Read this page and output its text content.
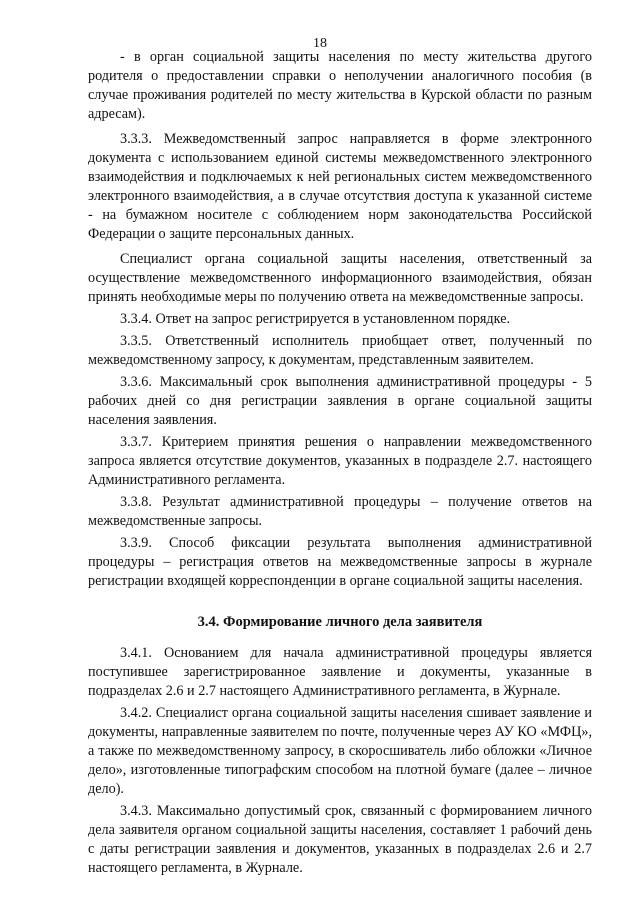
18

- в орган социальной защиты населения по месту жительства другого родителя о предоставлении справки о неполучении аналогичного пособия (в случае проживания родителей по месту жительства в Курской области по разным адресам).

3.3.3. Межведомственный запрос направляется в форме электронного документа с использованием единой системы межведомственного электронного взаимодействия и подключаемых к ней региональных систем межведомственного электронного взаимодействия, а в случае отсутствия доступа к указанной системе - на бумажном носителе с соблюдением норм законодательства Российской Федерации о защите персональных данных.

Специалист органа социальной защиты населения, ответственный за осуществление межведомственного информационного взаимодействия, обязан принять необходимые меры по получению ответа на межведомственные запросы.

3.3.4. Ответ на запрос регистрируется в установленном порядке.

3.3.5. Ответственный исполнитель приобщает ответ, полученный по межведомственному запросу, к документам, представленным заявителем.

3.3.6. Максимальный срок выполнения административной процедуры - 5 рабочих дней со дня регистрации заявления в органе социальной защиты населения заявления.

3.3.7. Критерием принятия решения о направлении межведомственного запроса является отсутствие документов, указанных в подразделе 2.7. настоящего Административного регламента.

3.3.8. Результат административной процедуры – получение ответов на межведомственные запросы.

3.3.9. Способ фиксации результата выполнения административной процедуры – регистрация ответов на межведомственные запросы в журнале регистрации входящей корреспонденции в органе социальной защиты населения.

3.4. Формирование личного дела заявителя

3.4.1. Основанием для начала административной процедуры является поступившее зарегистрированное заявление и документы, указанные в подразделах 2.6 и 2.7 настоящего Административного регламента, в Журнале.

3.4.2. Специалист органа социальной защиты населения сшивает заявление и документы, направленные заявителем по почте, полученные через АУ КО «МФЦ», а также по межведомственному запросу, в скоросшиватель либо обложки «Личное дело», изготовленные типографским способом на плотной бумаге (далее – личное дело).

3.4.3. Максимально допустимый срок, связанный с формированием личного дела заявителя органом социальной защиты населения, составляет 1 рабочий день с даты регистрации заявления и документов, указанных в подразделах 2.6 и 2.7 настоящего регламента, в Журнале.
